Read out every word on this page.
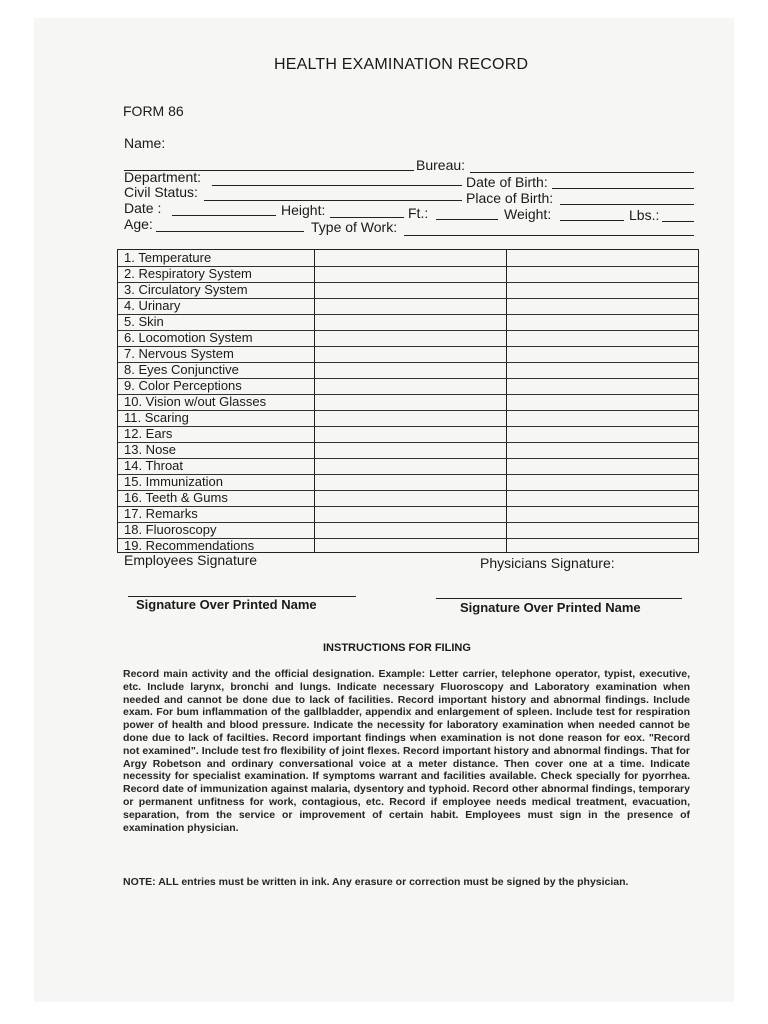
HEALTH EXAMINATION RECORD
FORM 86
Name:
Bureau:
Department:	Date of Birth:
Civil Status:	Place of Birth:
Date :	Height:	Ft.:	Weight:	Lbs.:
Age:	Type of Work:
1. Temperature
2. Respiratory System
3. Circulatory System
4. Urinary
5. Skin
6. Locomotion System
7. Nervous System
8. Eyes Conjunctive
9. Color Perceptions
10. Vision w/out Glasses
11. Scaring
12. Ears
13. Nose
14. Throat
15. Immunization
16. Teeth & Gums
17. Remarks
18. Fluoroscopy
19. Recommendations
Employees Signature	Physicians Signature:
Signature Over Printed Name	Signature Over Printed Name
INSTRUCTIONS FOR FILING
Record main activity and the official designation. Example: Letter carrier, telephone operator, typist, executive, etc. Include larynx, bronchi and lungs. Indicate necessary Fluoroscopy and Laboratory examination when needed and cannot be done due to lack of facilities. Record important history and abnormal findings. Include exam. For bum inflammation of the gallbladder, appendix and enlargement of spleen. Include test for respiration power of health and blood pressure. Indicate the necessity for laboratory examination when needed cannot be done due to lack of facilties. Record important findings when examination is not done reason for eox. "Record not examined". Include test fro flexibility of joint flexes. Record important history and abnormal findings. That for Argy Robetson and ordinary conversational voice at a meter distance. Then cover one at a time. Indicate necessity for specialist examination. If symptoms warrant and facilities available. Check specially for pyorrhea. Record date of immunization against malaria, dysentory and typhoid. Record other abnormal findings, temporary or permanent unfitness for work, contagious, etc. Record if employee needs medical treatment, evacuation, separation, from the service or improvement of certain habit. Employees must sign in the presence of examination physician.
NOTE: ALL entries must be written in ink. Any erasure or correction must be signed by the physician.
